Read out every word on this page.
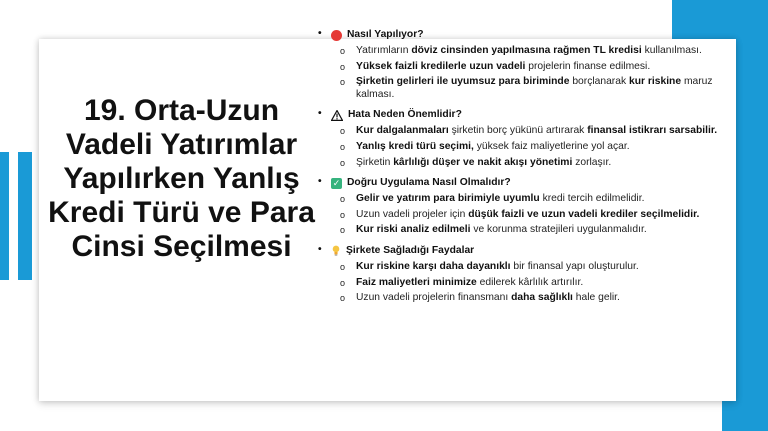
19. Orta-Uzun Vadeli Yatırımlar Yapılırken Yanlış Kredi Türü ve Para Cinsi Seçilmesi
• Nasıl Yapılıyor?
o Yatırımların döviz cinsinden yapılmasına rağmen TL kredisi kullanılması.
o Yüksek faizli kredilerle uzun vadeli projelerin finanse edilmesi.
o Şirketin gelirleri ile uyumsuz para biriminde borçlanarak kur riskine maruz kalması.
•	Hata Neden Önemlidir?
o Kur dalgalanmaları şirketin borç yükünü artırarak finansal istikrarı sarsabilir.
o Yanlış kredi türü seçimi, yüksek faiz maliyetlerine yol açar.
o Şirketin kârlılığı düşer ve nakit akışı yönetimi zorlaşır.
• ✓ Doğru Uygulama Nasıl Olmalıdır?
o Gelir ve yatırım para birimiyle uyumlu kredi tercih edilmelidir.
o Uzun vadeli projeler için düşük faizli ve uzun vadeli krediler seçilmelidir.
o Kur riski analiz edilmeli ve korunma stratejileri uygulanmalıdır.
• Şirkete Sağladığı Faydalar
o Kur riskine karşı daha dayanıklı bir finansal yapı oluşturulur.
o Faiz maliyetleri minimize edilerek kârlılık artırılır.
o Uzun vadeli projelerin finansmanı daha sağlıklı hale gelir.
